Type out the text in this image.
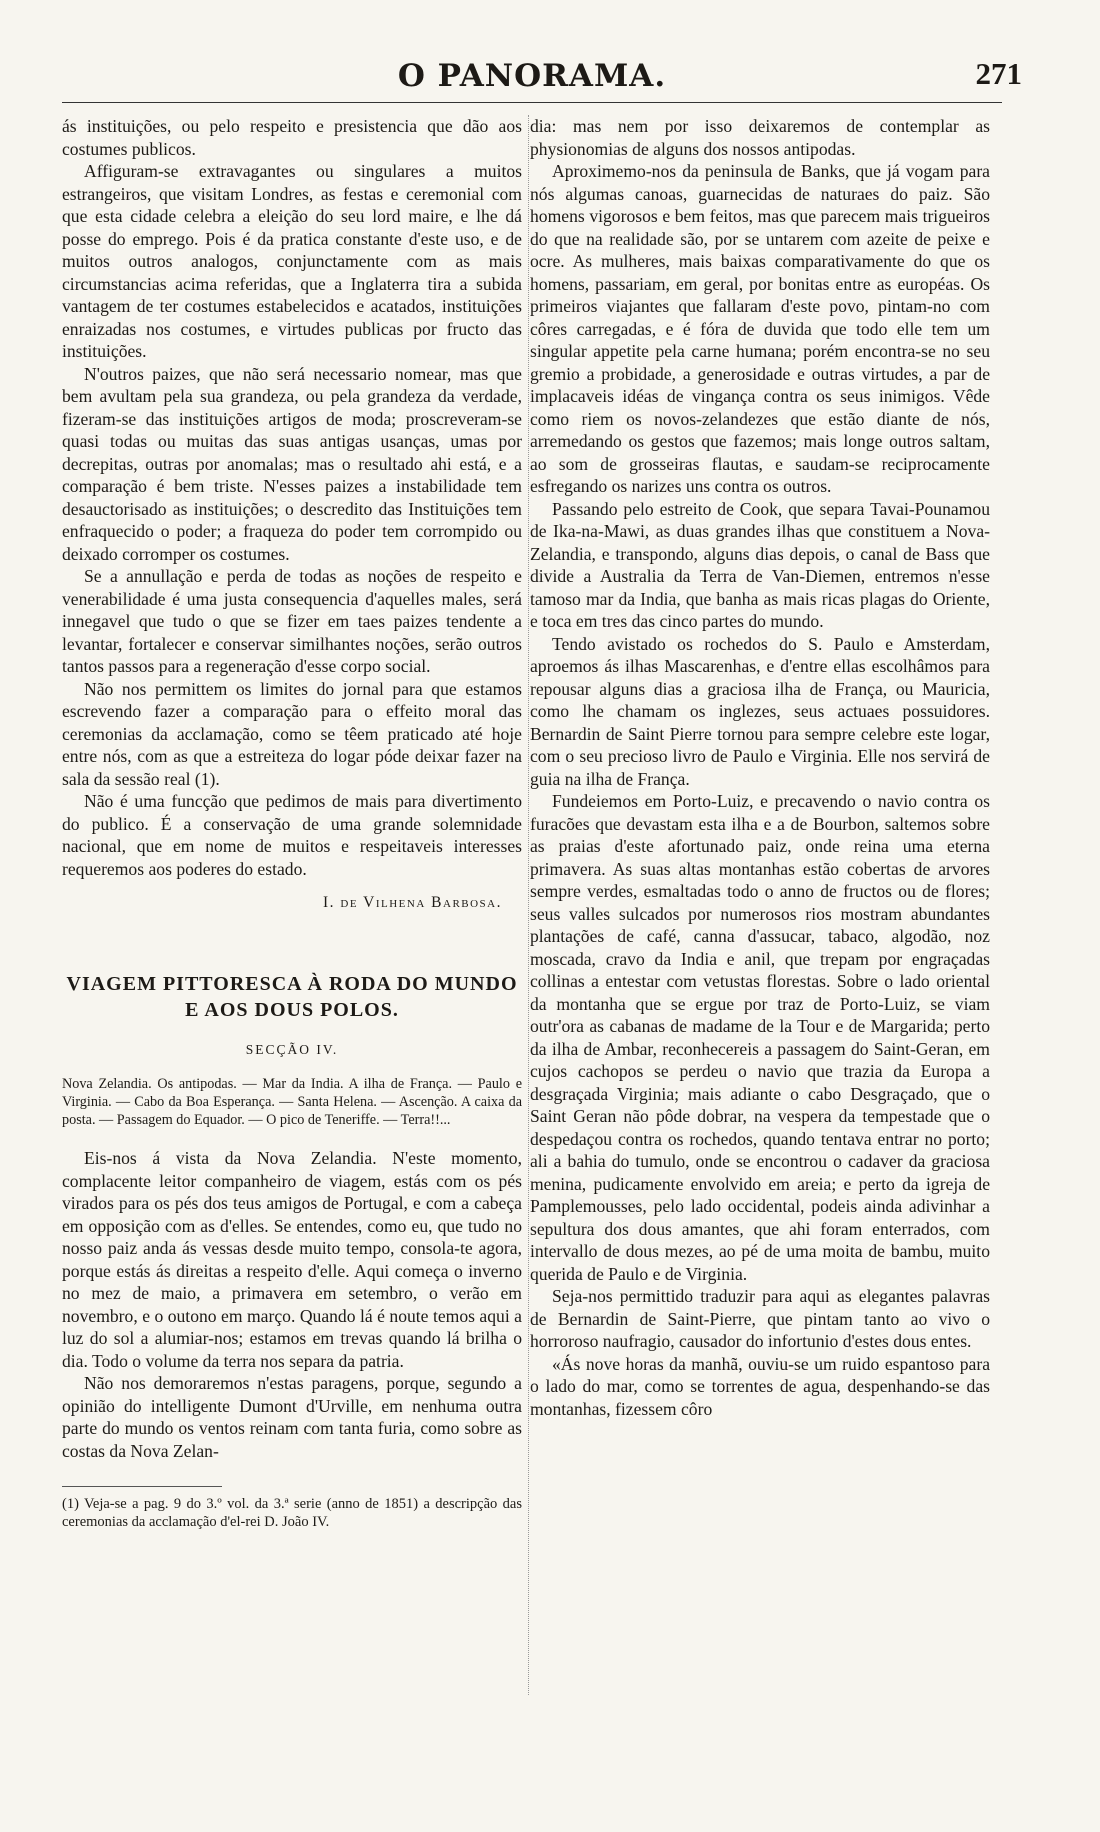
O PANORAMA.	271

ás instituições, ou pelo respeito e presistencia que dão aos costumes publicos.

Affiguram-se extravagantes ou singulares a muitos estrangeiros, que visitam Londres, as festas e ceremonial com que esta cidade celebra a eleição do seu lord maire, e lhe dá posse do emprego. Pois é da pratica constante d'este uso, e de muitos outros analogos, conjunctamente com as mais circumstancias acima referidas, que a Inglaterra tira a subida vantagem de ter costumes estabelecidos e acatados, instituições enraizadas nos costumes, e virtudes publicas por fructo das instituições.

N'outros paizes, que não será necessario nomear, mas que bem avultam pela sua grandeza, ou pela grandeza da verdade, fizeram-se das instituições artigos de moda; proscreveram-se quasi todas ou muitas das suas antigas usanças, umas por decrepitas, outras por anomalas; mas o resultado ahi está, e a comparação é bem triste. N'esses paizes a instabilidade tem desauctorisado as instituições; o descredito das Instituições tem enfraquecido o poder; a fraqueza do poder tem corrompido ou deixado corromper os costumes.

Se a annullação e perda de todas as noções de respeito e venerabilidade é uma justa consequencia d'aquelles males, será innegavel que tudo o que se fizer em taes paizes tendente a levantar, fortalecer e conservar similhantes noções, serão outros tantos passos para a regeneração d'esse corpo social.

Não nos permittem os limites do jornal para que estamos escrevendo fazer a comparação para o effeito moral das ceremonias da acclamação, como se têem praticado até hoje entre nós, com as que a estreiteza do logar póde deixar fazer na sala da sessão real (1).

Não é uma funcção que pedimos de mais para divertimento do publico. É a conservação de uma grande solemnidade nacional, que em nome de muitos e respeitaveis interesses requeremos aos poderes do estado.

I. de Vilhena Barbosa.
VIAGEM PITTORESCA À RODA DO MUNDO E AOS DOUS POLOS.
SECÇÃO IV.

Nova Zelandia. Os antipodas. — Mar da India. A ilha de França. — Paulo e Virginia. — Cabo da Boa Esperança. — Santa Helena. — Ascenção. A caixa da posta. — Passagem do Equador. — O pico de Teneriffe. — Terra!!...

Eis-nos á vista da Nova Zelandia. N'este momento, complacente leitor companheiro de viagem, estás com os pés virados para os pés dos teus amigos de Portugal, e com a cabeça em opposição com as d'elles. Se entendes, como eu, que tudo no nosso paiz anda ás vessas desde muito tempo, consola-te agora, porque estás ás direitas a respeito d'elle. Aqui começa o inverno no mez de maio, a primavera em setembro, o verão em novembro, e o outono em março. Quando lá é noute temos aqui a luz do sol a alumiar-nos; estamos em trevas quando lá brilha o dia. Todo o volume da terra nos separa da patria.

Não nos demoraremos n'estas paragens, porque, segundo a opinião do intelligente Dumont d'Urville, em nenhuma outra parte do mundo os ventos reinam com tanta furia, como sobre as costas da Nova Zelan-

(1) Veja-se a pag. 9 do 3.º vol. da 3.ª serie (anno de 1851) a descripção das ceremonias da acclamação d'el-rei D. João IV.

dia: mas nem por isso deixaremos de contemplar as physionomias de alguns dos nossos antipodas.

Aproximemo-nos da peninsula de Banks, que já vogam para nós algumas canoas, guarnecidas de naturaes do paiz. São homens vigorosos e bem feitos, mas que parecem mais trigueiros do que na realidade são, por se untarem com azeite de peixe e ocre. As mulheres, mais baixas comparativamente do que os homens, passariam, em geral, por bonitas entre as européas. Os primeiros viajantes que fallaram d'este povo, pintam-no com côres carregadas, e é fóra de duvida que todo elle tem um singular appetite pela carne humana; porém encontra-se no seu gremio a probidade, a generosidade e outras virtudes, a par de implacaveis idéas de vingança contra os seus inimigos. Vêde como riem os novos-zelandezes que estão diante de nós, arremedando os gestos que fazemos; mais longe outros saltam, ao som de grosseiras flautas, e saudam-se reciprocamente esfregando os narizes uns contra os outros.

Passando pelo estreito de Cook, que separa Tavai-Pounamou de Ika-na-Mawi, as duas grandes ilhas que constituem a Nova-Zelandia, e transpondo, alguns dias depois, o canal de Bass que divide a Australia da Terra de Van-Diemen, entremos n'esse tamoso mar da India, que banha as mais ricas plagas do Oriente, e toca em tres das cinco partes do mundo.

Tendo avistado os rochedos do S. Paulo e Amsterdam, aproemos ás ilhas Mascarenhas, e d'entre ellas escolhâmos para repousar alguns dias a graciosa ilha de França, ou Mauricia, como lhe chamam os inglezes, seus actuaes possuidores. Bernardin de Saint Pierre tornou para sempre celebre este logar, com o seu precioso livro de Paulo e Virginia. Elle nos servirá de guia na ilha de França.

Fundeiemos em Porto-Luiz, e precavendo o navio contra os furacões que devastam esta ilha e a de Bourbon, saltemos sobre as praias d'este afortunado paiz, onde reina uma eterna primavera. As suas altas montanhas estão cobertas de arvores sempre verdes, esmaltadas todo o anno de fructos ou de flores; seus valles sulcados por numerosos rios mostram abundantes plantações de café, canna d'assucar, tabaco, algodão, noz moscada, cravo da India e anil, que trepam por engraçadas collinas a entestar com vetustas florestas. Sobre o lado oriental da montanha que se ergue por traz de Porto-Luiz, se viam outr'ora as cabanas de madame de la Tour e de Margarida; perto da ilha de Ambar, reconhecereis a passagem do Saint-Geran, em cujos cachopos se perdeu o navio que trazia da Europa a desgraçada Virginia; mais adiante o cabo Desgraçado, que o Saint Geran não pôde dobrar, na vespera da tempestade que o despedaçou contra os rochedos, quando tentava entrar no porto; ali a bahia do tumulo, onde se encontrou o cadaver da graciosa menina, pudicamente envolvido em areia; e perto da igreja de Pamplemousses, pelo lado occidental, podeis ainda adivinhar a sepultura dos dous amantes, que ahi foram enterrados, com intervallo de dous mezes, ao pé de uma moita de bambu, muito querida de Paulo e de Virginia.

Seja-nos permittido traduzir para aqui as elegantes palavras de Bernardin de Saint-Pierre, que pintam tanto ao vivo o horroroso naufragio, causador do infortunio d'estes dous entes.

«Ás nove horas da manhã, ouviu-se um ruido espantoso para o lado do mar, como se torrentes de agua, despenhando-se das montanhas, fizessem côro
